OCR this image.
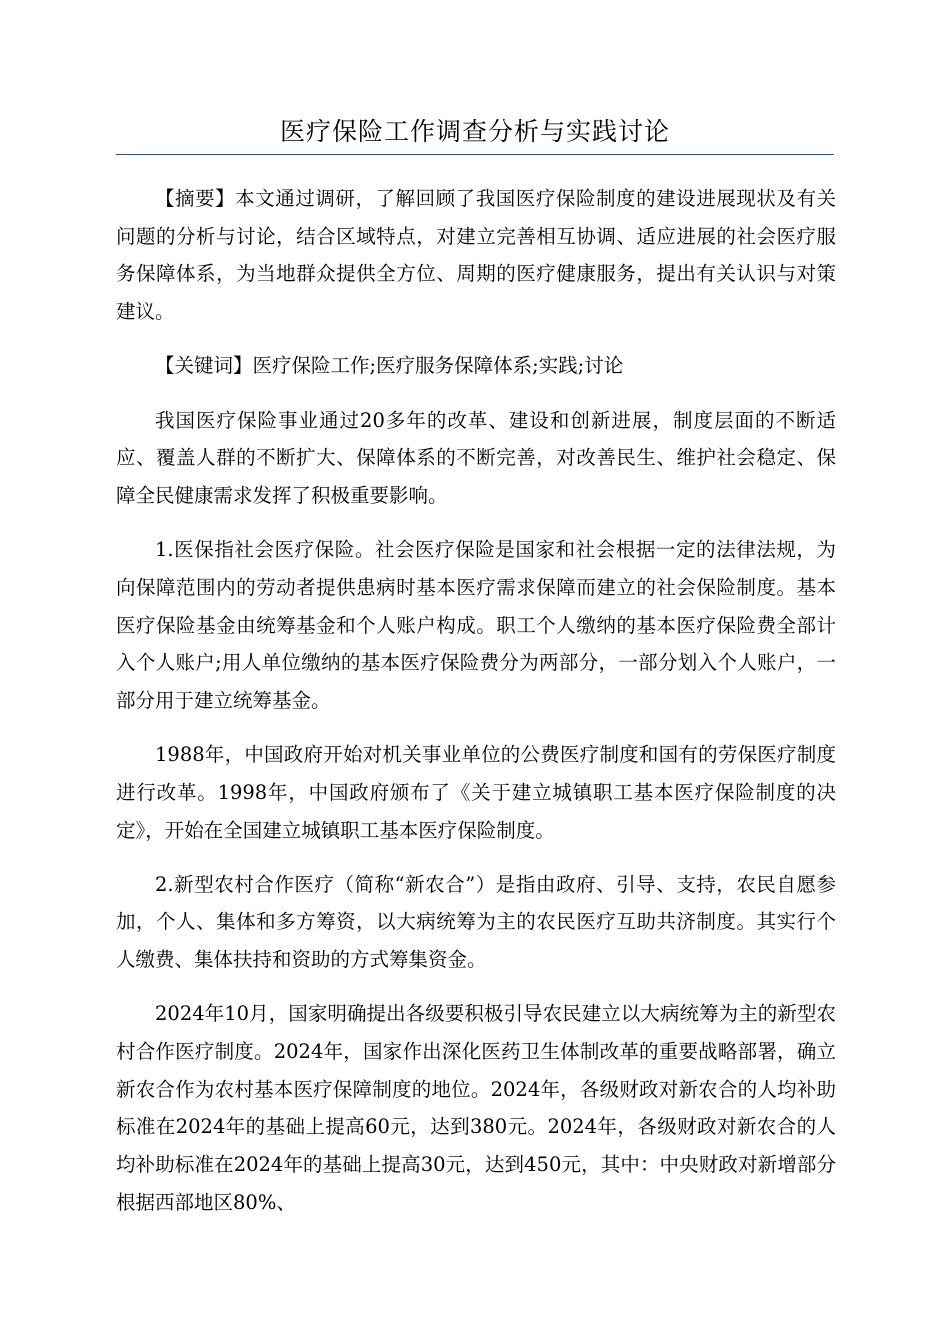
医疗保险工作调查分析与实践讨论

【摘要】本文通过调研，了解回顾了我国医疗保险制度的建设进展现状及有关问题的分析与讨论，结合区域特点，对建立完善相互协调、适应进展的社会医疗服务保障体系，为当地群众提供全方位、周期的医疗健康服务，提出有关认识与对策建议。

【关键词】医疗保险工作;医疗服务保障体系;实践;讨论

我国医疗保险事业通过20多年的改革、建设和创新进展，制度层面的不断适应、覆盖人群的不断扩大、保障体系的不断完善，对改善民生、维护社会稳定、保障全民健康需求发挥了积极重要影响。

1.医保指社会医疗保险。社会医疗保险是国家和社会根据一定的法律法规，为向保障范围内的劳动者提供患病时基本医疗需求保障而建立的社会保险制度。基本医疗保险基金由统筹基金和个人账户构成。职工个人缴纳的基本医疗保险费全部计入个人账户;用人单位缴纳的基本医疗保险费分为两部分，一部分划入个人账户，一部分用于建立统筹基金。

1988年，中国政府开始对机关事业单位的公费医疗制度和国有的劳保医疗制度进行改革。1998年，中国政府颁布了《关于建立城镇职工基本医疗保险制度的决定》，开始在全国建立城镇职工基本医疗保险制度。

2.新型农村合作医疗（简称“新农合”）是指由政府、引导、支持，农民自愿参加，个人、集体和多方筹资，以大病统筹为主的农民医疗互助共济制度。其实行个人缴费、集体扶持和资助的方式筹集资金。

2024年10月，国家明确提出各级要积极引导农民建立以大病统筹为主的新型农村合作医疗制度。2024年，国家作出深化医药卫生体制改革的重要战略部署，确立新农合作为农村基本医疗保障制度的地位。2024年，各级财政对新农合的人均补助标准在2024年的基础上提高60元，达到380元。2024年，各级财政对新农合的人均补助标准在2024年的基础上提高30元，达到450元，其中：中央财政对新增部分根据西部地区80%、
